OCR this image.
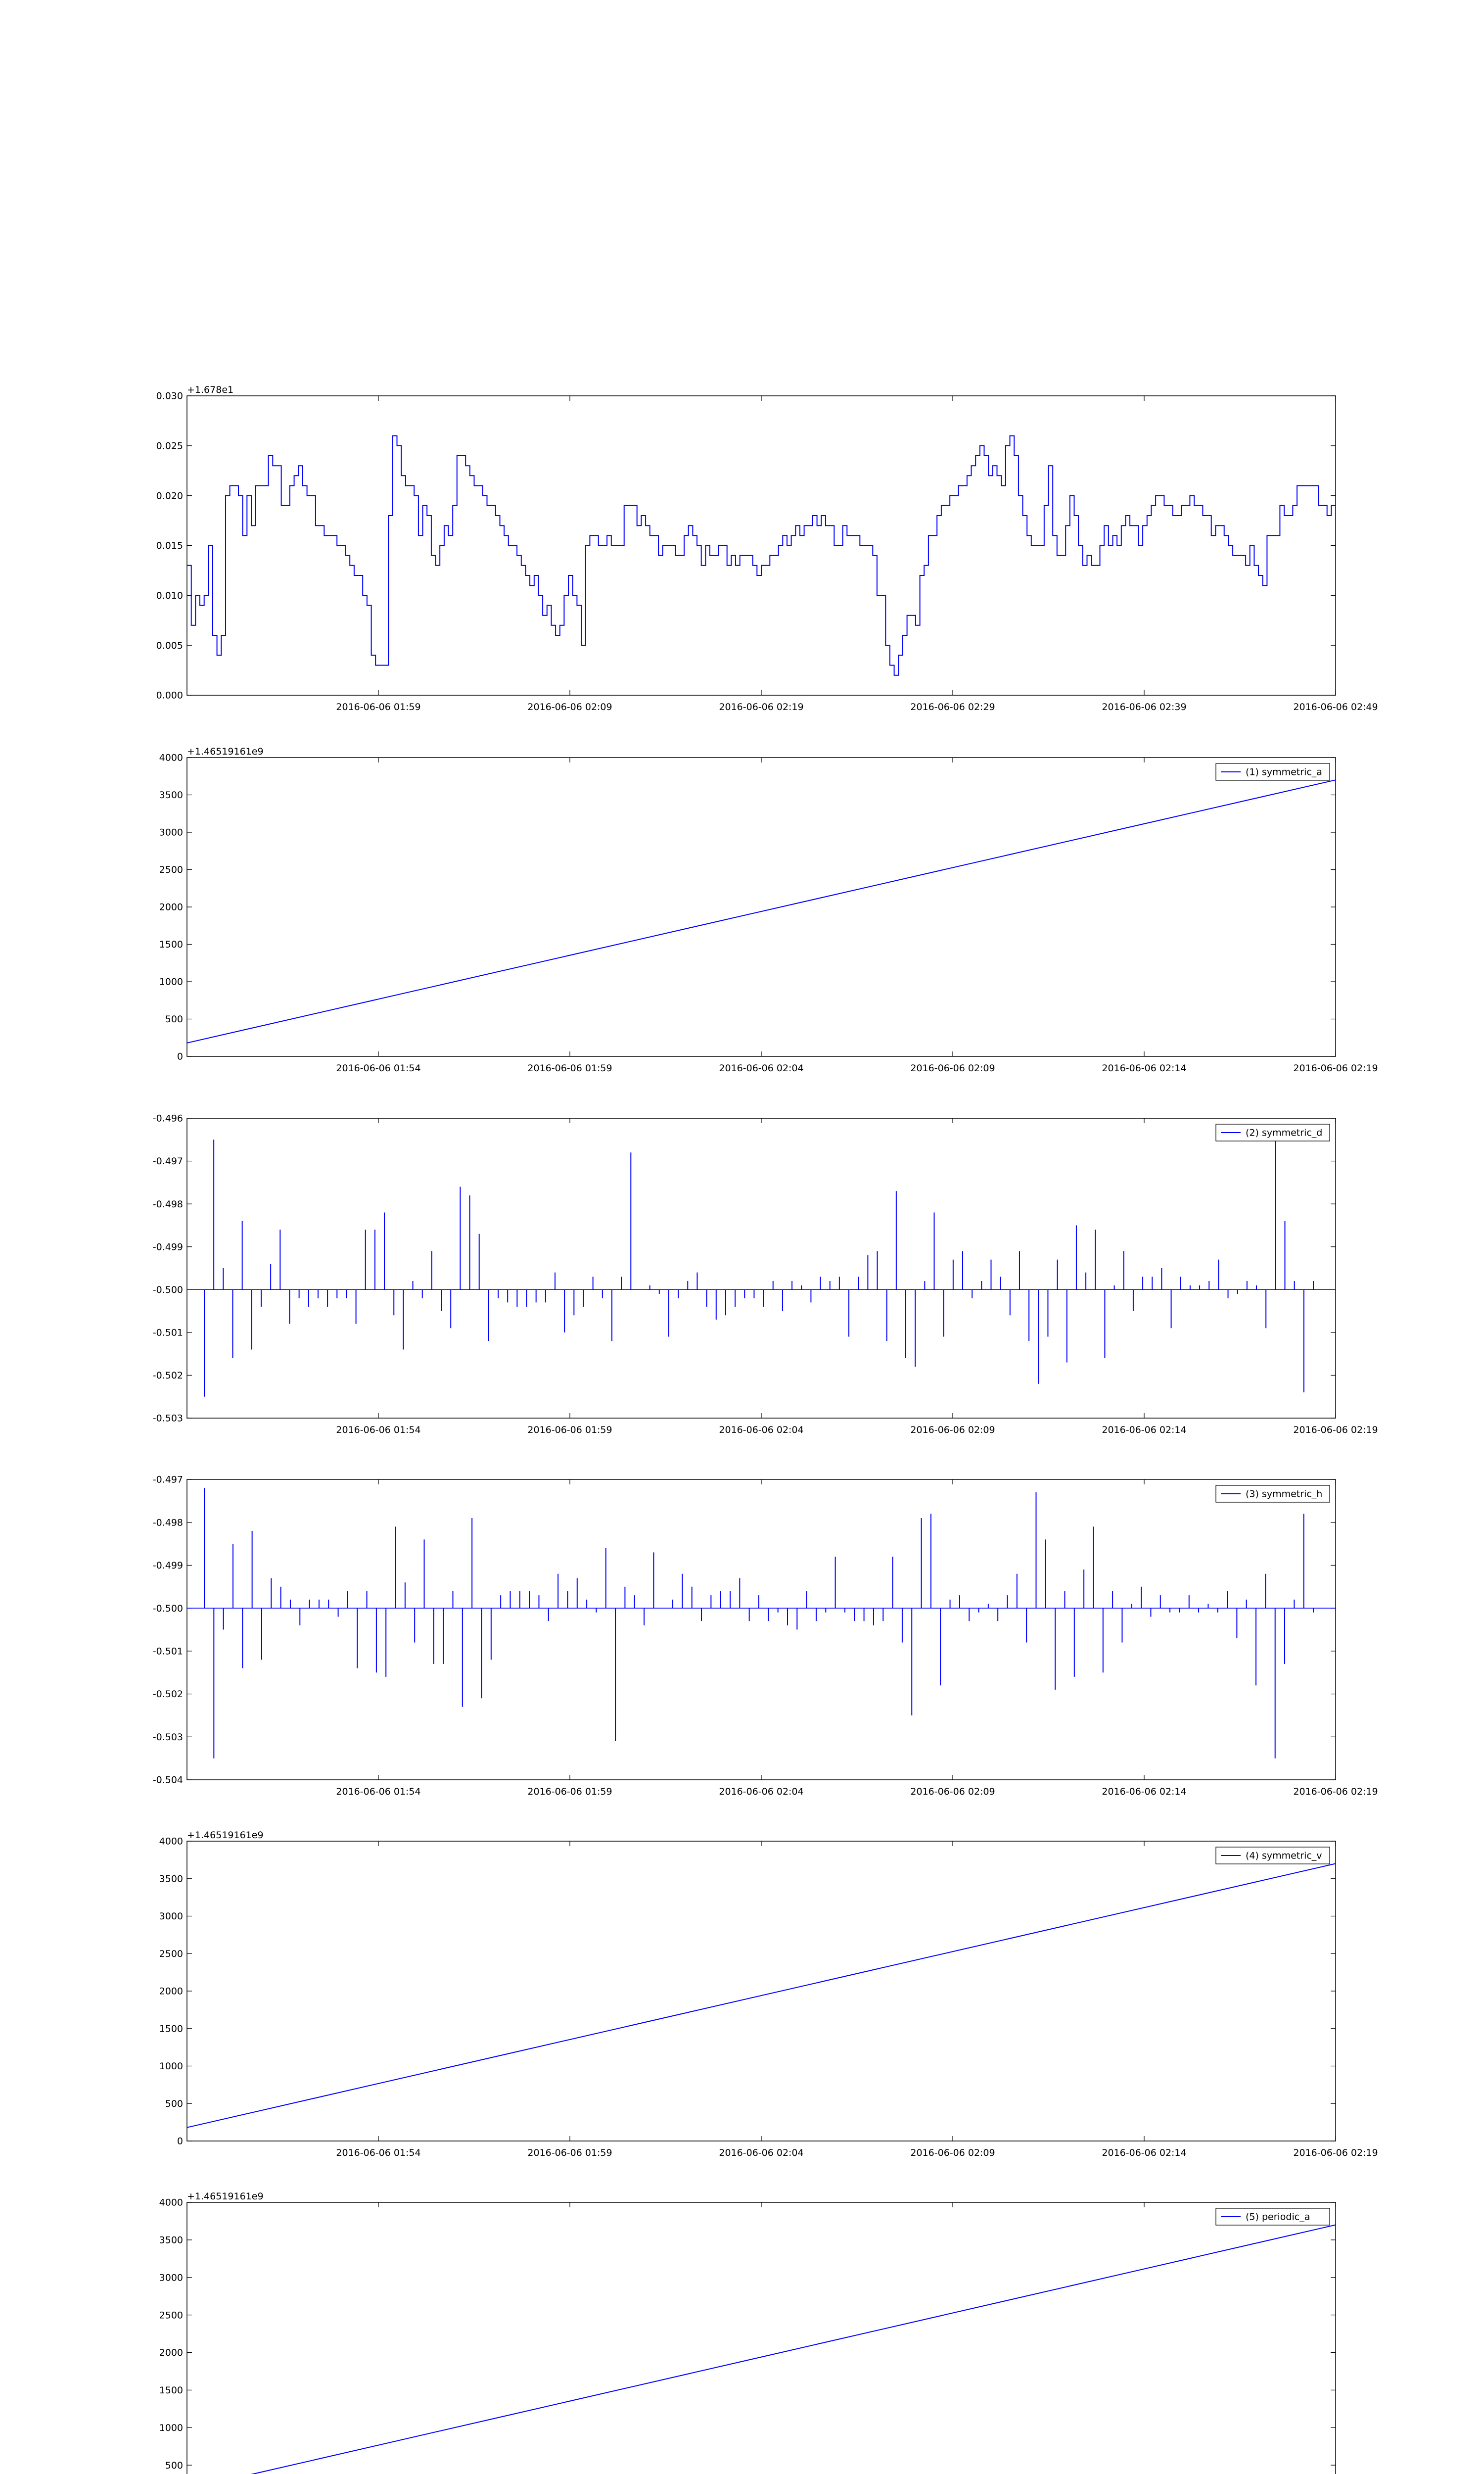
0.000
0.005
0.010
0.015
0.020
0.025
0.030
2016-06-06 01:59	2016-06-06 02:09	2016-06-06 02:19	2016-06-06 02:29	2016-06-06 02:39	2016-06-06 02:49
+1.678e1
0
500
1000
1500
2000
2500
3000
3500
4000
2016-06-06 01:54	2016-06-06 01:59	2016-06-06 02:04	2016-06-06 02:09	2016-06-06 02:14	2016-06-06 02:19
+1.46519161e9
(1) symmetric_a
-0.496
-0.497
-0.498
-0.499
-0.500
-0.501
-0.502
-0.503
2016-06-06 01:54	2016-06-06 01:59	2016-06-06 02:04	2016-06-06 02:09	2016-06-06 02:14	2016-06-06 02:19
(2) symmetric_d
-0.497
-0.498
-0.499
-0.500
-0.501
-0.502
-0.503
-0.504
2016-06-06 01:54	2016-06-06 01:59	2016-06-06 02:04	2016-06-06 02:09	2016-06-06 02:14	2016-06-06 02:19
(3) symmetric_h
0
500
1000
1500
2000
2500
3000
3500
4000
2016-06-06 01:54	2016-06-06 01:59	2016-06-06 02:04	2016-06-06 02:09	2016-06-06 02:14	2016-06-06 02:19
+1.46519161e9
(4) symmetric_v
500
1000
1500
2000
2500
3000
3500
4000
+1.46519161e9
(5) periodic_a
